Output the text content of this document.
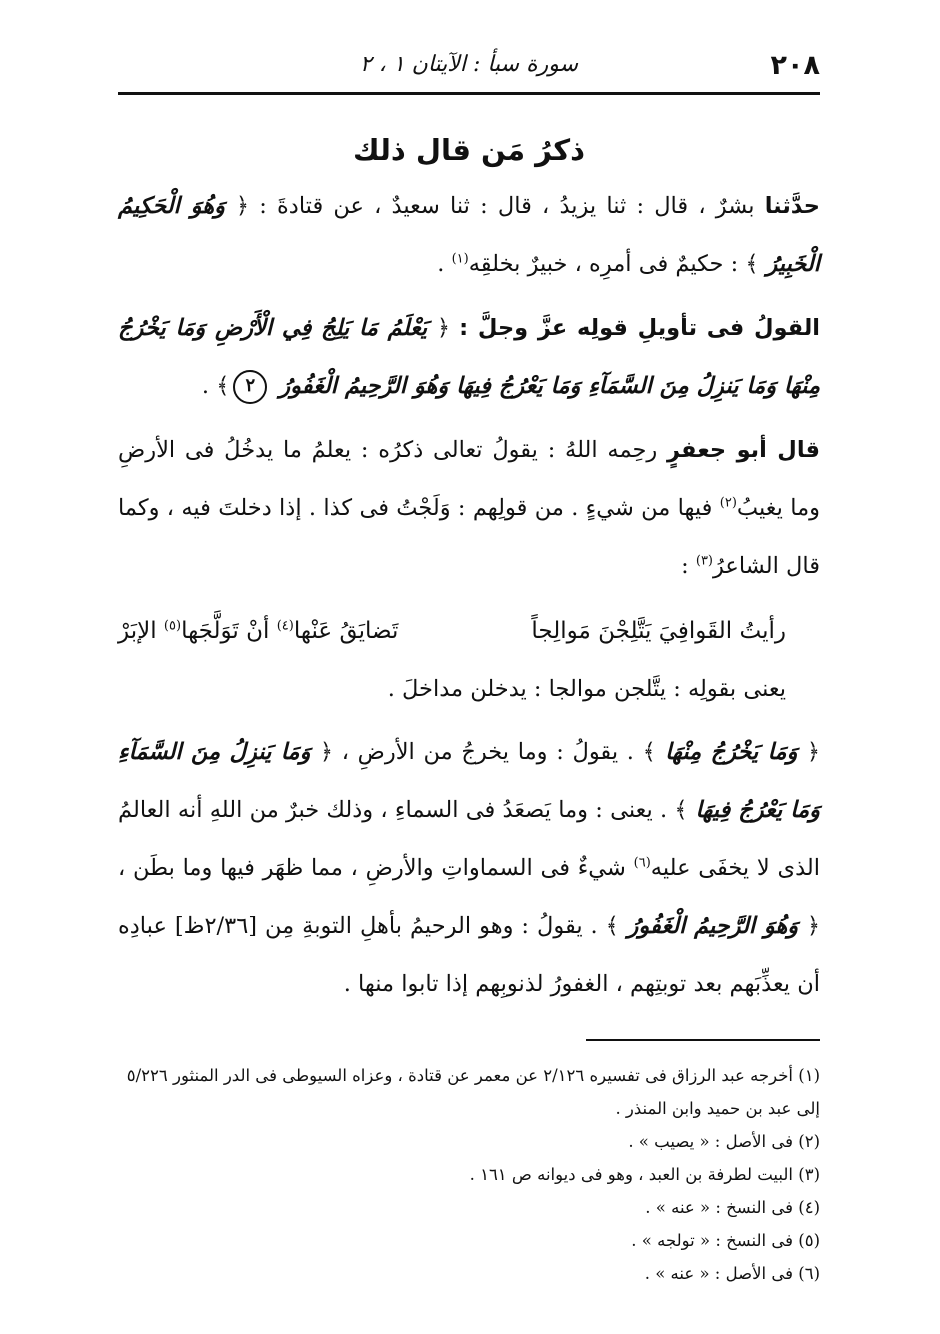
٢٠٨
سورة سبأ : الآيتان ١ ، ٢
ذكرُ مَن قال ذلك

حدَّثنا بشرٌ ، قال : ثنا يزيدُ ، قال : ثنا سعيدٌ ، عن قتادةَ : ﴿ وَهُوَ الْحَكِيمُ الْخَبِيرُ ﴾ : حكيمٌ فى أمرِه ، خبيرٌ بخلقِه$^{(١)}$ .

القولُ فى تأويلِ قولِه عزَّ وجلَّ : ﴿ يَعْلَمُ مَا يَلِجُ فِي الْأَرْضِ وَمَا يَخْرُجُ مِنْهَا وَمَا يَنزِلُ مِنَ السَّمَآءِ وَمَا يَعْرُجُ فِيهَا وَهُوَ الرَّحِيمُ الْغَفُورُ ٢﴾ .

قال أبو جعفرٍ رحِمه اللهُ : يقولُ تعالى ذكرُه : يعلمُ ما يدخُلُ فى الأرضِ وما يغيبُ$^{(٢)}$ فيها من شيءٍ . من قولِهم : وَلَجْتُ فى كذا . إذا دخلتَ فيه ، وكما قال الشاعرُ$^{(٣)}$ :

رأيتُ القَوافِيَ يَتَّلِجْنَ مَوالِجاً
تَضايَقُ عَنْها$^{(٤)}$ أنْ تَوَلَّجَها$^{(٥)}$ الإبَرْ

يعنى بقولِه : يتَّلجن موالجا : يدخلن مداخلَ .

﴿ وَمَا يَخْرُجُ مِنْهَا ﴾ . يقولُ : وما يخرجُ من الأرضِ ، ﴿ وَمَا يَنزِلُ مِنَ السَّمَآءِ وَمَا يَعْرُجُ فِيهَا ﴾ . يعنى : وما يَصعَدُ فى السماءِ ، وذلك خبرٌ من اللهِ أنه العالمُ الذى لا يخفَى عليه$^{(٦)}$ شيءٌ فى السماواتِ والأرضِ ، مما ظهَر فيها وما بطَن ، ﴿ وَهُوَ الرَّحِيمُ الْغَفُورُ ﴾ . يقولُ : وهو الرحيمُ بأهلِ التوبةِ مِن [٢/٣٦ظ] عبادِه أن يعذِّبَهم بعد توبتِهم ، الغفورُ لذنوبِهم إذا تابوا منها .

(١) أخرجه عبد الرزاق فى تفسيره ٢/١٢٦ عن معمر عن قتادة ، وعزاه السيوطى فى الدر المنثور ٥/٢٢٦ إلى عبد بن حميد وابن المنذر .

(٢) فى الأصل : « يصيب » .

(٣) البيت لطرفة بن العبد ، وهو فى ديوانه ص ١٦١ .

(٤) فى النسخ : « عنه » .

(٥) فى النسخ : « تولجه » .

(٦) فى الأصل : « عنه » .
